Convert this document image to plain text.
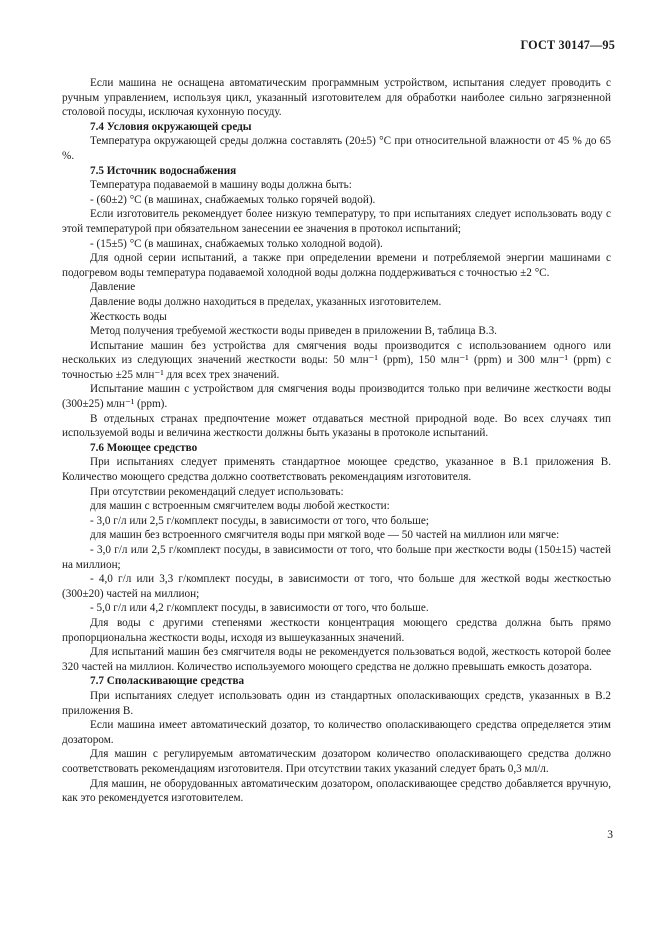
ГОСТ 30147—95

Если машина не оснащена автоматическим программным устройством, испытания следует проводить с ручным управлением, используя цикл, указанный изготовителем для обработки наиболее сильно загрязненной столовой посуды, исключая кухонную посуду.

7.4 Условия окружающей среды

Температура окружающей среды должна составлять (20±5) °С при относительной влажности от 45 % до 65 %.

7.5 Источник водоснабжения

Температура подаваемой в машину воды должна быть:

- (60±2) °С (в машинах, снабжаемых только горячей водой).

Если изготовитель рекомендует более низкую температуру, то при испытаниях следует использовать воду с этой температурой при обязательном занесении ее значения в протокол испытаний;

- (15±5) °С (в машинах, снабжаемых только холодной водой).

Для одной серии испытаний, а также при определении времени и потребляемой энергии машинами с подогревом воды температура подаваемой холодной воды должна поддерживаться с точностью ±2 °С.

Давление

Давление воды должно находиться в пределах, указанных изготовителем.

Жесткость воды

Метод получения требуемой жесткости воды приведен в приложении В, таблица В.3.

Испытание машин без устройства для смягчения воды производится с использованием одного или нескольких из следующих значений жесткости воды: 50 млн⁻¹ (ppm), 150 млн⁻¹ (ppm) и 300 млн⁻¹ (ppm) с точностью ±25 млн⁻¹ для всех трех значений.

Испытание машин с устройством для смягчения воды производится только при величине жесткости воды (300±25) млн⁻¹ (ppm).

В отдельных странах предпочтение может отдаваться местной природной воде. Во всех случаях тип используемой воды и величина жесткости должны быть указаны в протоколе испытаний.

7.6 Моющее средство

При испытаниях следует применять стандартное моющее средство, указанное в В.1 приложения В. Количество моющего средства должно соответствовать рекомендациям изготовителя.

При отсутствии рекомендаций следует использовать:

для машин с встроенным смягчителем воды любой жесткости:

- 3,0 г/л или 2,5 г/комплект посуды, в зависимости от того, что больше;

для машин без встроенного смягчителя воды при мягкой воде — 50 частей на миллион или мягче:

- 3,0 г/л или 2,5 г/комплект посуды, в зависимости от того, что больше при жесткости воды (150±15) частей на миллион;

- 4,0 г/л или 3,3 г/комплект посуды, в зависимости от того, что больше для жесткой воды жесткостью (300±20) частей на миллион;

- 5,0 г/л или 4,2 г/комплект посуды, в зависимости от того, что больше.

Для воды с другими степенями жесткости концентрация моющего средства должна быть прямо пропорциональна жесткости воды, исходя из вышеуказанных значений.

Для испытаний машин без смягчителя воды не рекомендуется пользоваться водой, жесткость которой более 320 частей на миллион. Количество используемого моющего средства не должно превышать емкость дозатора.

7.7 Споласкивающие средства

При испытаниях следует использовать один из стандартных ополаскивающих средств, указанных в В.2 приложения В.

Если машина имеет автоматический дозатор, то количество ополаскивающего средства определяется этим дозатором.

Для машин с регулируемым автоматическим дозатором количество ополаскивающего средства должно соответствовать рекомендациям изготовителя. При отсутствии таких указаний следует брать 0,3 мл/л.

Для машин, не оборудованных автоматическим дозатором, ополаскивающее средство добавляется вручную, как это рекомендуется изготовителем.

3
